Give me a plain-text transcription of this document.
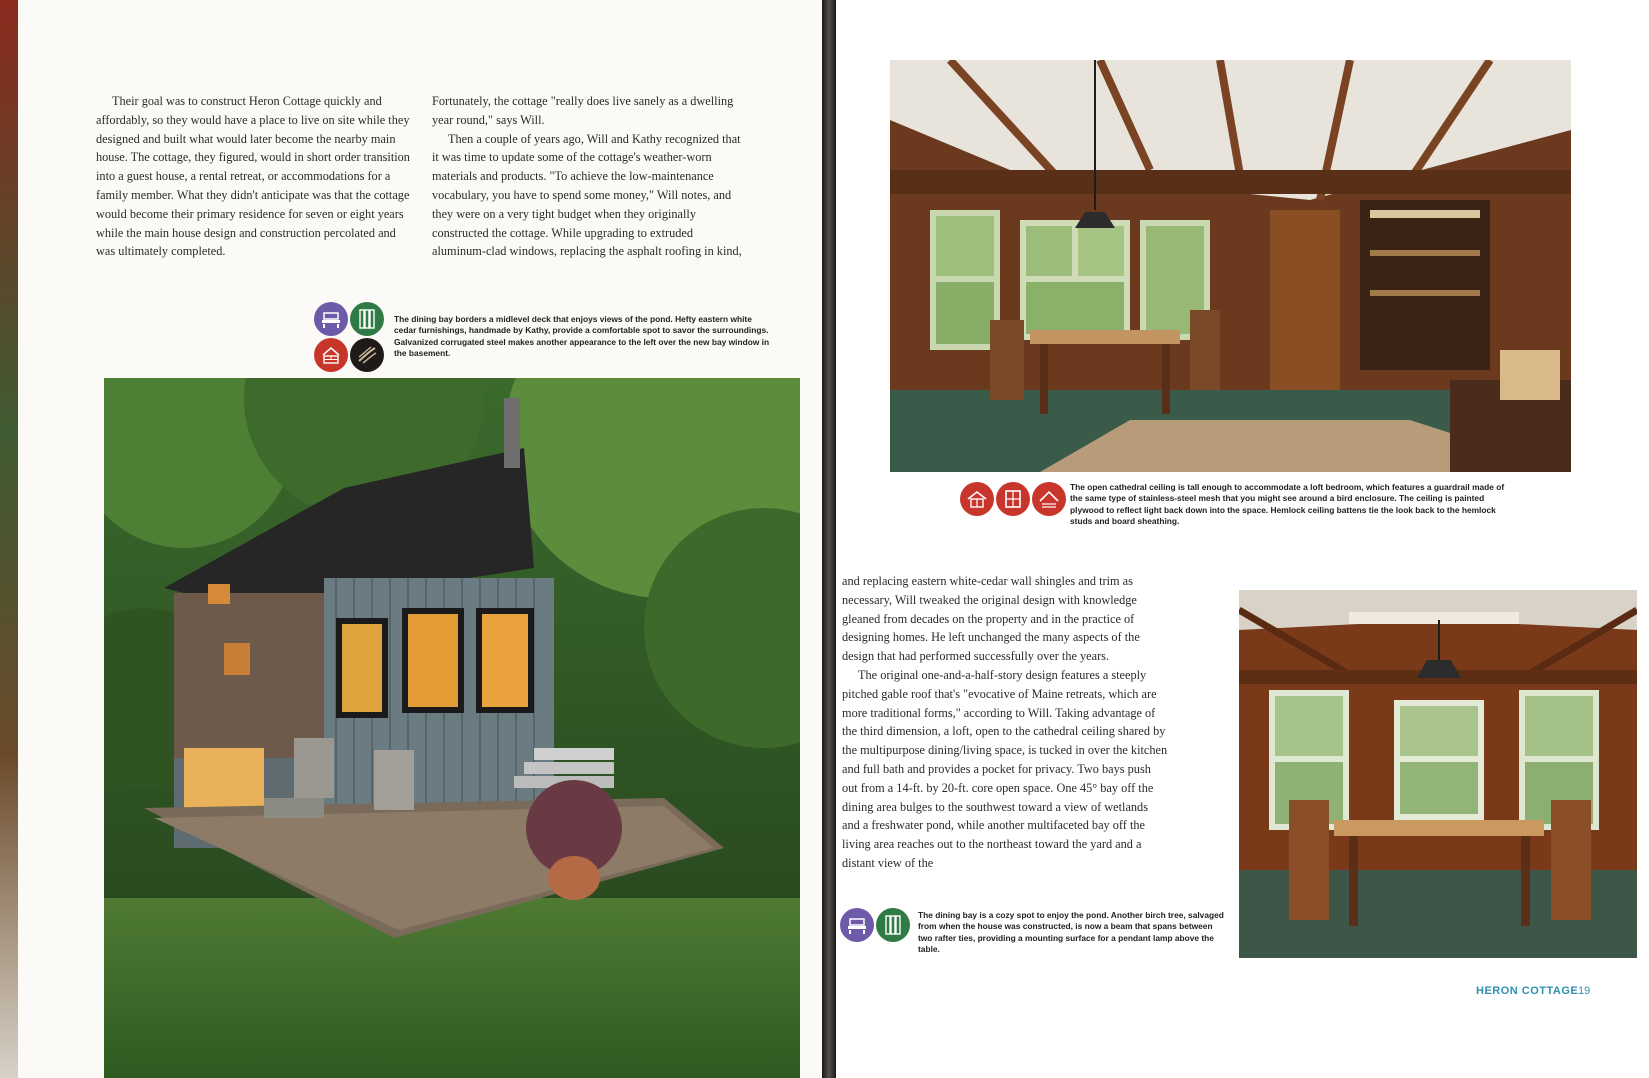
Their goal was to construct Heron Cottage quickly and affordably, so they would have a place to live on site while they designed and built what would later become the nearby main house. The cottage, they figured, would in short order transition into a guest house, a rental retreat, or accommodations for a family member. What they didn't anticipate was that the cottage would become their primary residence for seven or eight years while the main house design and construction percolated and was ultimately completed.

Fortunately, the cottage "really does live sanely as a dwelling year round," says Will.

Then a couple of years ago, Will and Kathy recognized that it was time to update some of the cottage's weather-worn materials and products. "To achieve the low-maintenance vocabulary, you have to spend some money," Will notes, and they were on a very tight budget when they originally constructed the cottage. While upgrading to extruded aluminum-clad windows, replacing the asphalt roofing in kind,

The dining bay borders a midlevel deck that enjoys views of the pond. Hefty eastern white cedar furnishings, handmade by Kathy, provide a comfortable spot to savor the surroundings. Galvanized corrugated steel makes another appearance to the left over the new bay window in the basement.
The open cathedral ceiling is tall enough to accommodate a loft bedroom, which features a guardrail made of the same type of stainless-steel mesh that you might see around a bird enclosure. The ceiling is painted plywood to reflect light back down into the space. Hemlock ceiling battens tie the look back to the hemlock studs and board sheathing.

and replacing eastern white-cedar wall shingles and trim as necessary, Will tweaked the original design with knowledge gleaned from decades on the property and in the practice of designing homes. He left unchanged the many aspects of the design that had performed successfully over the years.

The original one-and-a-half-story design features a steeply pitched gable roof that's "evocative of Maine retreats, which are more traditional forms," according to Will. Taking advantage of the third dimension, a loft, open to the cathedral ceiling shared by the multipurpose dining/living space, is tucked in over the kitchen and full bath and provides a pocket for privacy. Two bays push out from a 14-ft. by 20-ft. core open space. One 45° bay off the dining area bulges to the southwest toward a view of wetlands and a freshwater pond, while another multifaceted bay off the living area reaches out to the northeast toward the yard and a distant view of the

The dining bay is a cozy spot to enjoy the pond. Another birch tree, salvaged from when the house was constructed, is now a beam that spans between two rafter ties, providing a mounting surface for a pendant lamp above the table.
HERON COTTAGE 19
